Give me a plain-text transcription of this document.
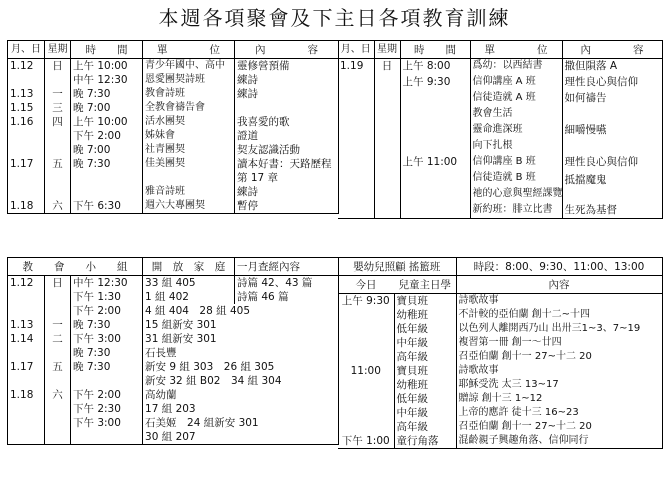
本週各項聚會及下主日各項教育訓練
月、日	星期	時　　間	單　　　　位	內　　　　容
1.12	日	上午 10:00	青少年國中、高中	靈修營預備
		中午 12:30	恩愛團契詩班	練詩
1.13	一	晚 7:30	教會詩班	練詩
1.15	三	晚 7:00	全教會禱告會	
1.16	四	上午 10:00	活水團契	我喜愛的歌
		下午 2:00	姊妹會	證道
		晚 7:00	社青團契	契友認識活動
1.17	五	晚 7:30	佳美團契	讀本好書：天路歷程第 17 章
			雅音詩班	練詩
1.18	六	下午 6:30	週六大專團契	暫停
月、日	星期	時　　間	單　　　　位	內　　　　容
1.19	日	上午 8:00	爲幼：以西結書	撒但隕落 A
		上午 9:30	信仰講座 A 班	理性良心與信仰
			信徒造就 A 班	如何禱告
			教會生活	
			靈命進深班	細嚼慢嚥
			向下扎根	
		上午 11:00	信仰講座 B 班	理性良心與信仰
			信徒造就 B 班	抵擋魔鬼
			祂的心意與聖經課覽	
			新約班：腓立比書	生死為基督
教　　會　　小　　組			開　放　家　庭	一月查經內容
1.12	日	中午 12:30	33 組 405	詩篇 42、43 篇
		下午 1:30	1 組 402	詩篇 46 篇
		下午 2:00	4 組 404　28 組 405	
1.13	一	晚 7:30	15 組新安 301	
1.14	二	下午 3:00	31 組新安 301	
		晚 7:30	石長豐	
1.17	五	晚 7:30	新安 9 組 303　26 組 305	
			新安 32 組 B02　34 組 304	
1.18	六	下午 2:00	高幼蘭	
		下午 2:30	17 組 203	
		下午 3:00	石美姬　24 組新安 301	
			30 組 207	
嬰幼兒照顧 搖籃班		時段：8:00、9:30、11:00、13:00
今日	兒童主日學	內容
上午 9:30	寶貝班	詩歌故事
	幼稚班	不計較的亞伯蘭 創十二~十四
	低年級	以色列人離開西乃山 出卅三1~3、7~19
	中年級	複習第一冊 創一～廿四
	高年級	召亞伯蘭 創十一 27~十二 20
11:00	寶貝班	詩歌故事
	幼稚班	耶穌受洗 太三 13~17
	低年級	贈諒 創十三 1~12
	中年級	上帝的應許 徒十三 16~23
	高年級	召亞伯蘭 創十一 27~十二 20
下午 1:00	童行角落	混齡親子興趣角落、信仰同行
